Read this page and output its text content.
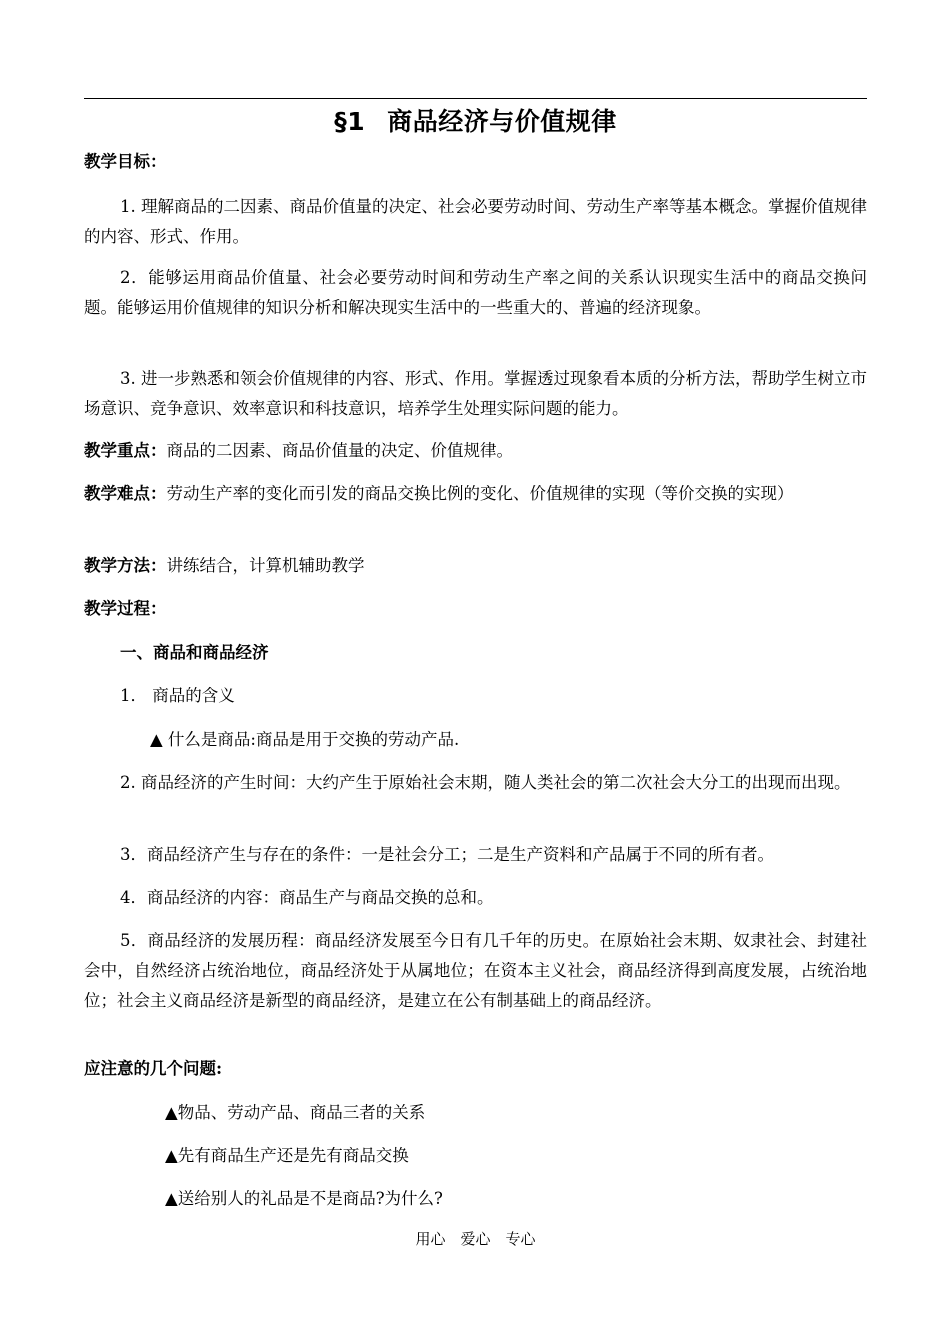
§1 商品经济与价值规律
教学目标：
1. 理解商品的二因素、商品价值量的决定、社会必要劳动时间、劳动生产率等基本概念。掌握价值规律的内容、形式、作用。
2．能够运用商品价值量、社会必要劳动时间和劳动生产率之间的关系认识现实生活中的商品交换问题。能够运用价值规律的知识分析和解决现实生活中的一些重大的、普遍的经济现象。
3. 进一步熟悉和领会价值规律的内容、形式、作用。掌握透过现象看本质的分析方法，帮助学生树立市场意识、竞争意识、效率意识和科技意识，培养学生处理实际问题的能力。
教学重点：商品的二因素、商品价值量的决定、价值规律。
教学难点：劳动生产率的变化而引发的商品交换比例的变化、价值规律的实现（等价交换的实现）
教学方法：讲练结合，计算机辅助教学
教学过程：
一、商品和商品经济
1． 商品的含义
▲ 什么是商品:商品是用于交换的劳动产品.
2. 商品经济的产生时间：大约产生于原始社会末期，随人类社会的第二次社会大分工的出现而出现。
3．商品经济产生与存在的条件：一是社会分工；二是生产资料和产品属于不同的所有者。
4．商品经济的内容：商品生产与商品交换的总和。
5．商品经济的发展历程：商品经济发展至今日有几千年的历史。在原始社会末期、奴隶社会、封建社会中，自然经济占统治地位，商品经济处于从属地位；在资本主义社会，商品经济得到高度发展，占统治地位；社会主义商品经济是新型的商品经济，是建立在公有制基础上的商品经济。
应注意的几个问题:
▲物品、劳动产品、商品三者的关系
▲先有商品生产还是先有商品交换
▲送给别人的礼品是不是商品?为什么?
用心　爱心　专心
